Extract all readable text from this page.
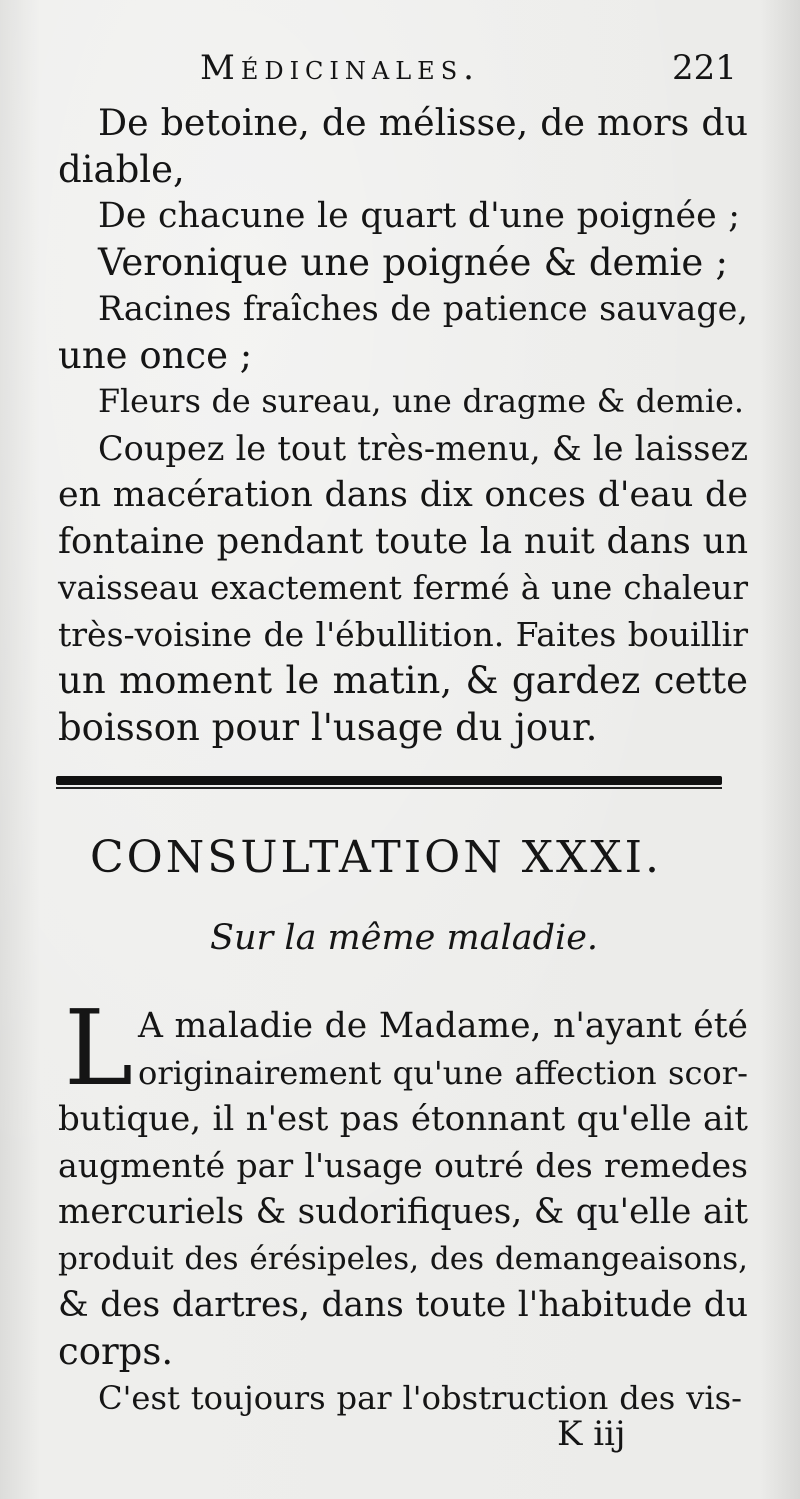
Médicinales.	221
De betoine, de mélisse, de mors du
diable,
De chacune le quart d'une poignée ;
Veronique une poignée & demie ;
Racines fraîches de patience sauvage,
une once ;
Fleurs de sureau, une dragme & demie.
Coupez le tout très-menu, & le laissez
en macération dans dix onces d'eau de
fontaine pendant toute la nuit dans un
vaisseau exactement fermé à une chaleur
très-voisine de l'ébullition. Faites bouillir
un moment le matin, & gardez cette
boisson pour l'usage du jour.
CONSULTATION XXXI.
Sur la même maladie.
L A maladie de Madame, n'ayant été
originairement qu'une affection scor-
butique, il n'est pas étonnant qu'elle ait
augmenté par l'usage outré des remedes
mercuriels & sudorifiques, & qu'elle ait
produit des érésipeles, des demangeaisons,
& des dartres, dans toute l'habitude du
corps.
C'est toujours par l'obstruction des vis-
K iij
